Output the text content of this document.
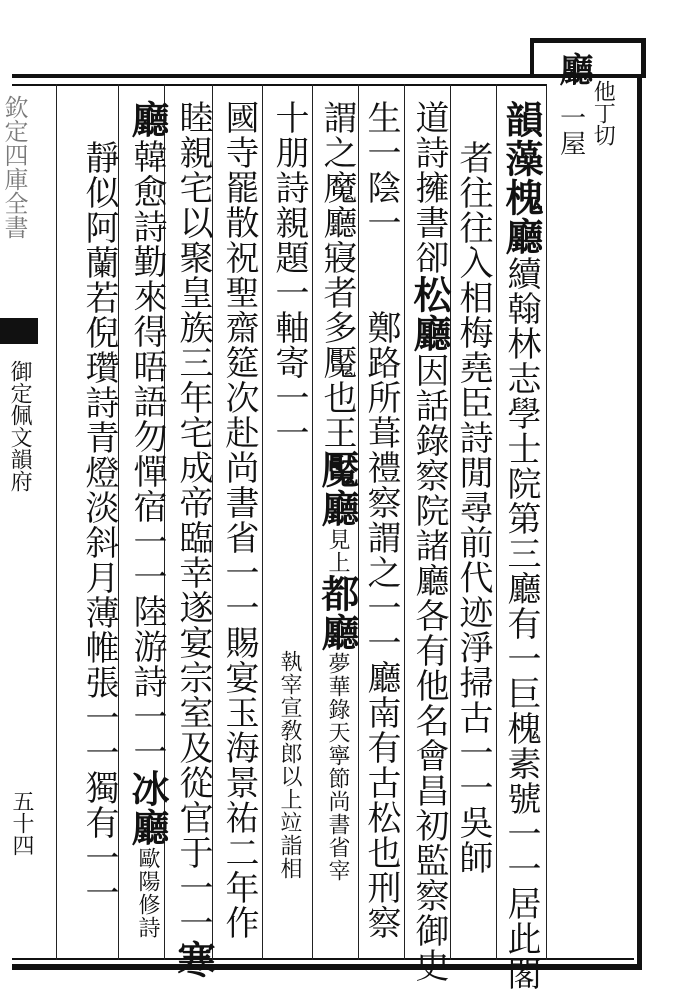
廳
他丁切
一屋
欽定四庫全書
御定佩文韻府
五十四
韻藻槐廳續翰林志學士院第三廳有一巨槐素號一一居此閣
者往往入相梅堯臣詩閒尋前代迹淨掃古一一吳師
道詩擁書卻松廳因話錄察院諸廳各有他名會昌初監察御史
生一陰一鄭路所葺禮察謂之一一廳南有古松也刑察
謂之魔廳寢者多魘也王魘廳見上都廳夢華錄天寧節尚書省宰
十朋詩親題一軸寄一一執宰宣敎郎以上竝詣相
國寺罷散祝聖齋筵次赴尚書省一一賜宴玉海景祐二年作
睦親宅以聚皇族三年宅成帝臨幸遂宴宗室及從官于一一寒
廳韓愈詩勤來得晤語勿憚宿一一陸游詩一一冰廳歐陽修詩
靜似阿蘭若倪瓚詩青燈淡斜月薄帷張一一獨有一一
